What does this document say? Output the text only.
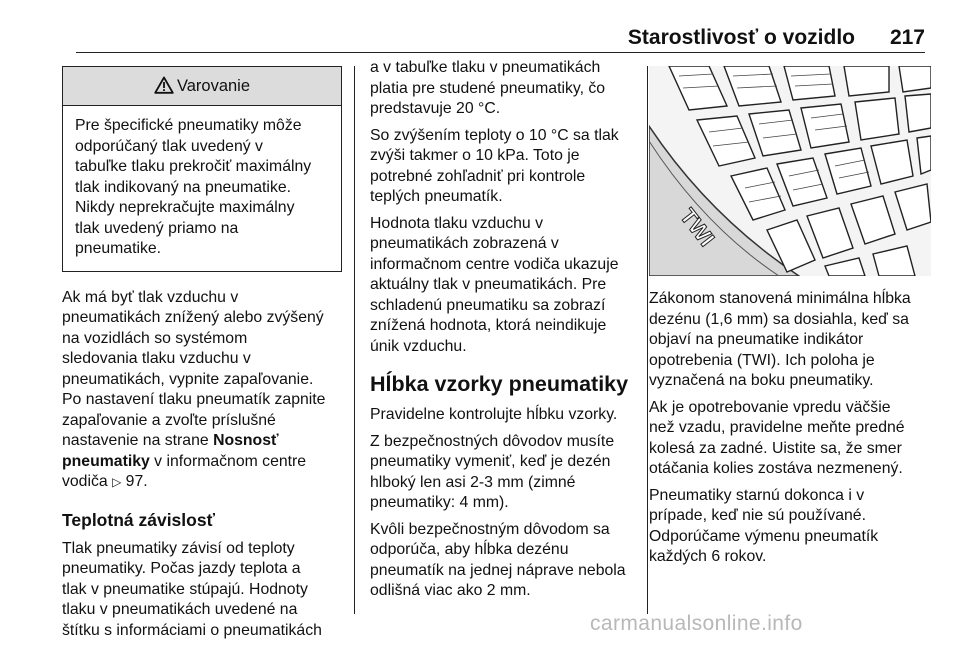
Starostlivosť o vozidlo 217
Varovanie

Pre špecifické pneumatiky môže
odporúčaný tlak uvedený v
tabuľke tlaku prekročiť maximálny
tlak indikovaný na pneumatike.
Nikdy neprekračujte maximálny
tlak uvedený priamo na
pneumatike.

Ak má byť tlak vzduchu v
pneumatikách znížený alebo zvýšený
na vozidlách so systémom
sledovania tlaku vzduchu v
pneumatikách, vypnite zapaľovanie.
Po nastavení tlaku pneumatík zapnite
zapaľovanie a zvoľte príslušné
nastavenie na strane Nosnosť
pneumatiky v informačnom centre
vodiča ▷ 97.

Teplotná závislosť

Tlak pneumatiky závisí od teploty
pneumatiky. Počas jazdy teplota a
tlak v pneumatike stúpajú. Hodnoty
tlaku v pneumatikách uvedené na
štítku s informáciami o pneumatikách

a v tabuľke tlaku v pneumatikách
platia pre studené pneumatiky, čo
predstavuje 20 °C.

So zvýšením teploty o 10 °C sa tlak
zvýši takmer o 10 kPa. Toto je
potrebné zohľadniť pri kontrole
teplých pneumatík.

Hodnota tlaku vzduchu v
pneumatikách zobrazená v
informačnom centre vodiča ukazuje
aktuálny tlak v pneumatikách. Pre
schladenú pneumatiku sa zobrazí
znížená hodnota, ktorá neindikuje
únik vzduchu.

Hĺbka vzorky pneumatiky

Pravidelne kontrolujte hĺbku vzorky.

Z bezpečnostných dôvodov musíte
pneumatiky vymeniť, keď je dezén
hlboký len asi 2-3 mm (zimné
pneumatiky: 4 mm).

Kvôli bezpečnostným dôvodom sa
odporúča, aby hĺbka dezénu
pneumatík na jednej náprave nebola
odlišná viac ako 2 mm.

TWI

Zákonom stanovená minimálna hĺbka
dezénu (1,6 mm) sa dosiahla, keď sa
objaví na pneumatike indikátor
opotrebenia (TWI). Ich poloha je
vyznačená na boku pneumatiky.

Ak je opotrebovanie vpredu väčšie
než vzadu, pravidelne meňte predné
kolesá za zadné. Uistite sa, že smer
otáčania kolies zostáva nezmenený.

Pneumatiky starnú dokonca i v
prípade, keď nie sú používané.
Odporúčame výmenu pneumatík
každých 6 rokov.

carmanualsonline.info
